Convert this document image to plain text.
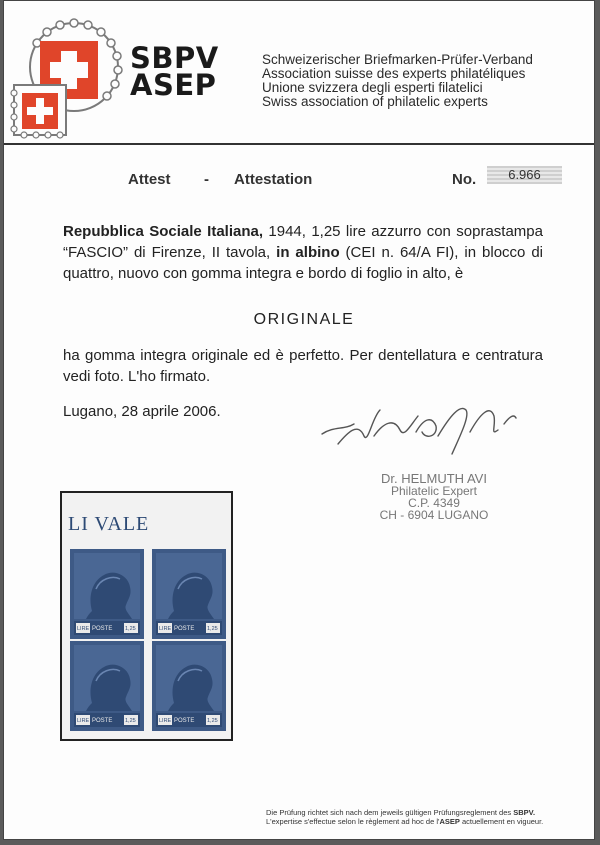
SBPV
ASEP
Schweizerischer Briefmarken-Prüfer-Verband
Association suisse des experts philatéliques
Unione svizzera degli esperti filatelici
Swiss association of philatelic experts
Attest - Attestation	No.	6.966
Repubblica Sociale Italiana, 1944, 1,25 lire azzurro con soprastampa “FASCIO” di Firenze, II tavola, in albino (CEI n. 64/A FI), in blocco di quattro, nuovo con gomma integra e bordo di foglio in alto, è
ORIGINALE
ha gomma integra originale ed è perfetto. Per dentellatura e centratura vedi foto. L'ho firmato.
Lugano, 28 aprile 2006.
Dr. HELMUTH AVI
Philatelic Expert
C.P. 4349
CH - 6904 LUGANO
LI VALE
POSTE	POSTE
POSTE	POSTE
LIRE	LIRE
LIRE	LIRE
1,25	1,25
1,25	1,25
Die Prüfung richtet sich nach dem jeweils gültigen Prüfungsreglement des SBPV.
L'expertise s'effectue selon le règlement ad hoc de l'ASEP actuellement en vigueur.
